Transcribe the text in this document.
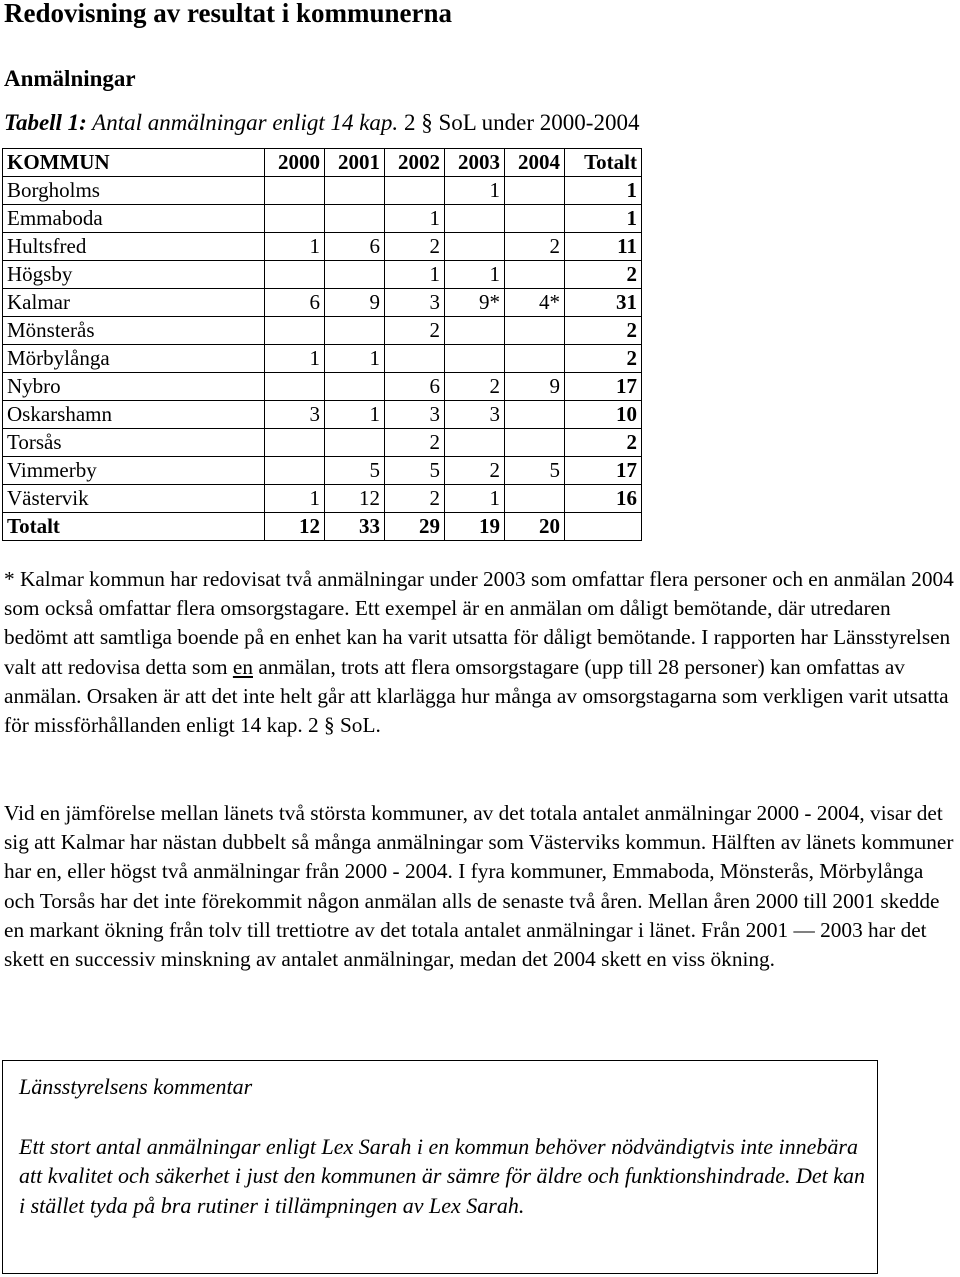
Redovisning av resultat i kommunerna
Anmälningar
Tabell 1: Antal anmälningar enligt 14 kap. 2 § SoL under 2000-2004
KOMMUN	2000	2001	2002	2003	2004	Totalt
Borgholms				1		1
Emmaboda			1			1
Hultsfred	1	6	2		2	11
Högsby			1	1		2
Kalmar	6	9	3	9*	4*	31
Mönsterås			2			2
Mörbylånga	1	1				2
Nybro			6	2	9	17
Oskarshamn	3	1	3	3		10
Torsås			2			2
Vimmerby		5	5	2	5	17
Västervik	1	12	2	1		16
Totalt	12	33	29	19	20	

* Kalmar kommun har redovisat två anmälningar under 2003 som omfattar flera personer och en anmälan 2004 som också omfattar flera omsorgstagare. Ett exempel är en anmälan om dåligt bemötande, där utredaren bedömt att samtliga boende på en enhet kan ha varit utsatta för dåligt bemötande. I rapporten har Länsstyrelsen valt att redovisa detta som en anmälan, trots att flera omsorgstagare (upp till 28 personer) kan omfattas av anmälan. Orsaken är att det inte helt går att klarlägga hur många av omsorgstagarna som verkligen varit utsatta för missförhållanden enligt 14 kap. 2 § SoL.

Vid en jämförelse mellan länets två största kommuner, av det totala antalet anmälningar 2000 - 2004, visar det sig att Kalmar har nästan dubbelt så många anmälningar som Västerviks kommun. Hälften av länets kommuner har en, eller högst två anmälningar från 2000 - 2004. I fyra kommuner, Emmaboda, Mönsterås, Mörbylånga och Torsås har det inte förekommit någon anmälan alls de senaste två åren. Mellan åren 2000 till 2001 skedde en markant ökning från tolv till trettiotre av det totala antalet anmälningar i länet. Från 2001 — 2003 har det skett en successiv minskning av antalet anmälningar, medan det 2004 skett en viss ökning.

Länsstyrelsens kommentar

Ett stort antal anmälningar enligt Lex Sarah i en kommun behöver nödvändigtvis inte innebära att kvalitet och säkerhet i just den kommunen är sämre för äldre och funktionshindrade. Det kan i stället tyda på bra rutiner i tillämpningen av Lex Sarah.
